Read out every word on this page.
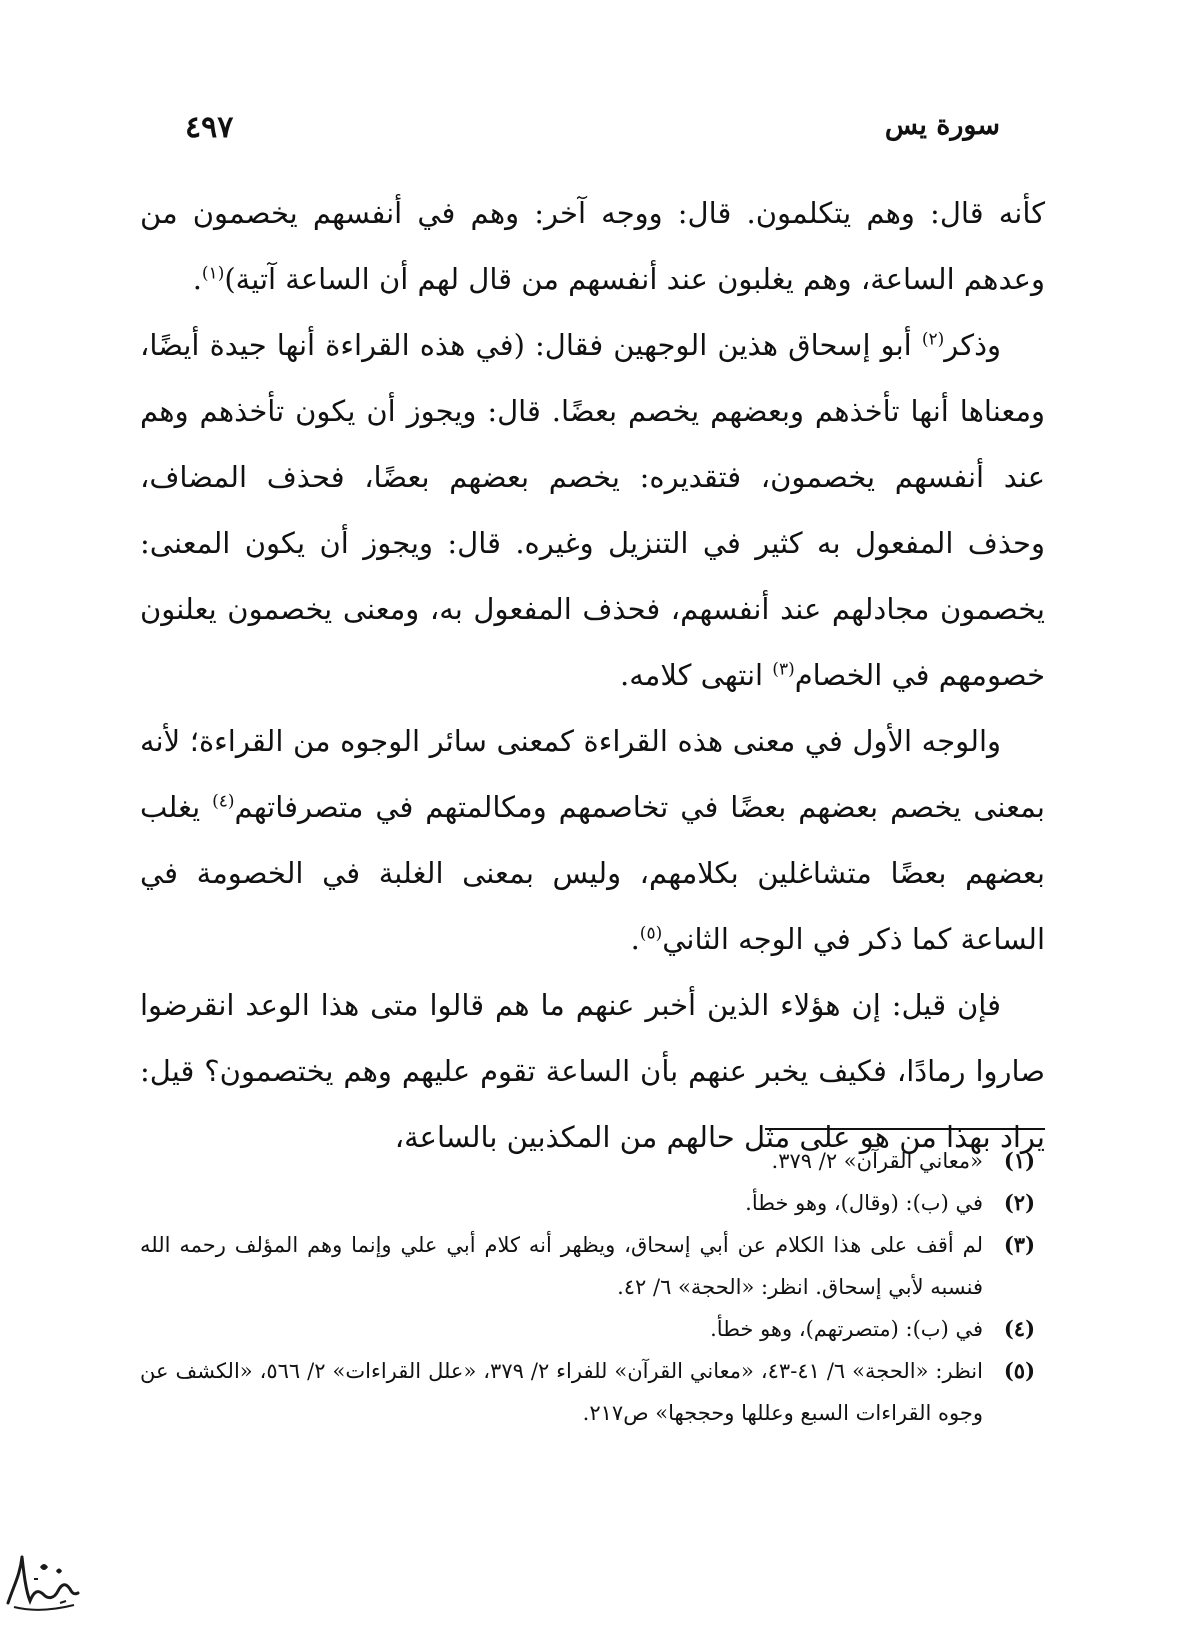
سورة يس
٤٩٧

كأنه قال: وهم يتكلمون. قال: ووجه آخر: وهم في أنفسهم يخصمون من وعدهم الساعة، وهم يغلبون عند أنفسهم من قال لهم أن الساعة آتية)$^{(١)}$.

وذكر$^{(٢)}$ أبو إسحاق هذين الوجهين فقال: (في هذه القراءة أنها جيدة أيضًا، ومعناها أنها تأخذهم وبعضهم يخصم بعضًا. قال: ويجوز أن يكون تأخذهم وهم عند أنفسهم يخصمون، فتقديره: يخصم بعضهم بعضًا، فحذف المضاف، وحذف المفعول به كثير في التنزيل وغيره. قال: ويجوز أن يكون المعنى: يخصمون مجادلهم عند أنفسهم، فحذف المفعول به، ومعنى يخصمون يعلنون خصومهم في الخصام$^{(٣)}$ انتهى كلامه.

والوجه الأول في معنى هذه القراءة كمعنى سائر الوجوه من القراءة؛ لأنه بمعنى يخصم بعضهم بعضًا في تخاصمهم ومكالمتهم في متصرفاتهم$^{(٤)}$ يغلب بعضهم بعضًا متشاغلين بكلامهم، وليس بمعنى الغلبة في الخصومة في الساعة كما ذكر في الوجه الثاني$^{(٥)}$.

فإن قيل: إن هؤلاء الذين أخبر عنهم ما هم قالوا متى هذا الوعد انقرضوا صاروا رمادًا، فكيف يخبر عنهم بأن الساعة تقوم عليهم وهم يختصمون؟ قيل: يراد بهذا من هو على مثل حالهم من المكذبين بالساعة،

(١)
«معاني القرآن» ٢/ ٣٧٩.

(٢)
في (ب): (وقال)، وهو خطأ.

(٣)
لم أقف على هذا الكلام عن أبي إسحاق، ويظهر أنه كلام أبي علي وإنما وهم المؤلف رحمه الله فنسبه لأبي إسحاق. انظر: «الحجة» ٦/ ٤٢.

(٤)
في (ب): (متصرتهم)، وهو خطأ.

(٥)
انظر: «الحجة» ٦/ ٤١-٤٣، «معاني القرآن» للفراء ٢/ ٣٧٩، «علل القراءات» ٢/ ٥٦٦، «الكشف عن وجوه القراءات السبع وعللها وحججها» ص٢١٧.
